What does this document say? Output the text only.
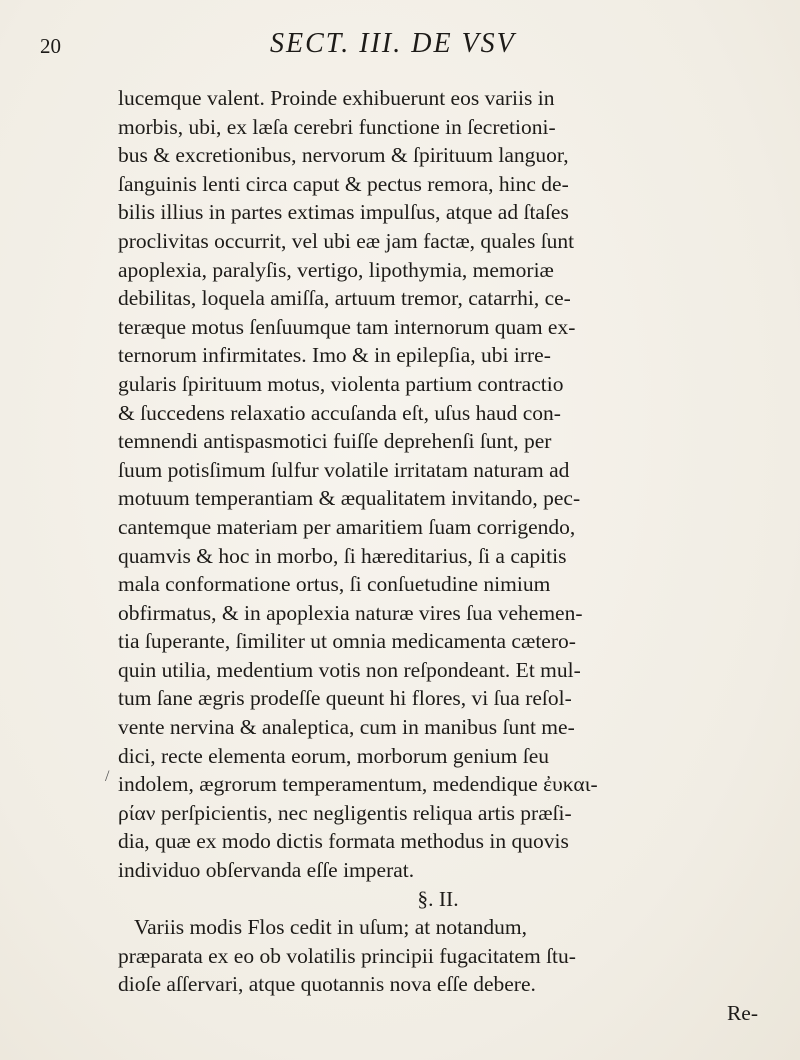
20	SECT. III. DE VSV
/
lucemque valent. Proinde exhibuerunt eos variis in
morbis, ubi, ex læſa cerebri functione in ſecretioni-
bus & excretionibus, nervorum & ſpirituum languor,
ſanguinis lenti circa caput & pectus remora, hinc de-
bilis illius in partes extimas impulſus, atque ad ſtaſes
proclivitas occurrit, vel ubi eæ jam factæ, quales ſunt
apoplexia, paralyſis, vertigo, lipothymia, memoriæ
debilitas, loquela amiſſa, artuum tremor, catarrhi, ce-
teræque motus ſenſuumque tam internorum quam ex-
ternorum infirmitates. Imo & in epilepſia, ubi irre-
gularis ſpirituum motus, violenta partium contractio
& ſuccedens relaxatio accuſanda eſt, uſus haud con-
temnendi antispasmotici fuiſſe deprehenſi ſunt, per
ſuum potisſimum ſulfur volatile irritatam naturam ad
motuum temperantiam & æqualitatem invitando, pec-
cantemque materiam per amaritiem ſuam corrigendo,
quamvis & hoc in morbo, ſi hæreditarius, ſi a capitis
mala conformatione ortus, ſi conſuetudine nimium
obfirmatus, & in apoplexia naturæ vires ſua vehemen-
tia ſuperante, ſimiliter ut omnia medicamenta cætero-
quin utilia, medentium votis non reſpondeant. Et mul-
tum ſane ægris prodeſſe queunt hi flores, vi ſua reſol-
vente nervina & analeptica, cum in manibus ſunt me-
dici, recte elementa eorum, morborum genium ſeu
indolem, ægrorum temperamentum, medendique ἐυκαι-
ρίαν perſpicientis, nec negligentis reliqua artis præſi-
dia, quæ ex modo dictis formata methodus in quovis
individuo obſervanda eſſe imperat.
§. II.
Variis modis Flos cedit in uſum; at notandum,
præparata ex eo ob volatilis principii fugacitatem ſtu-
dioſe aſſervari, atque quotannis nova eſſe debere.
Re-
